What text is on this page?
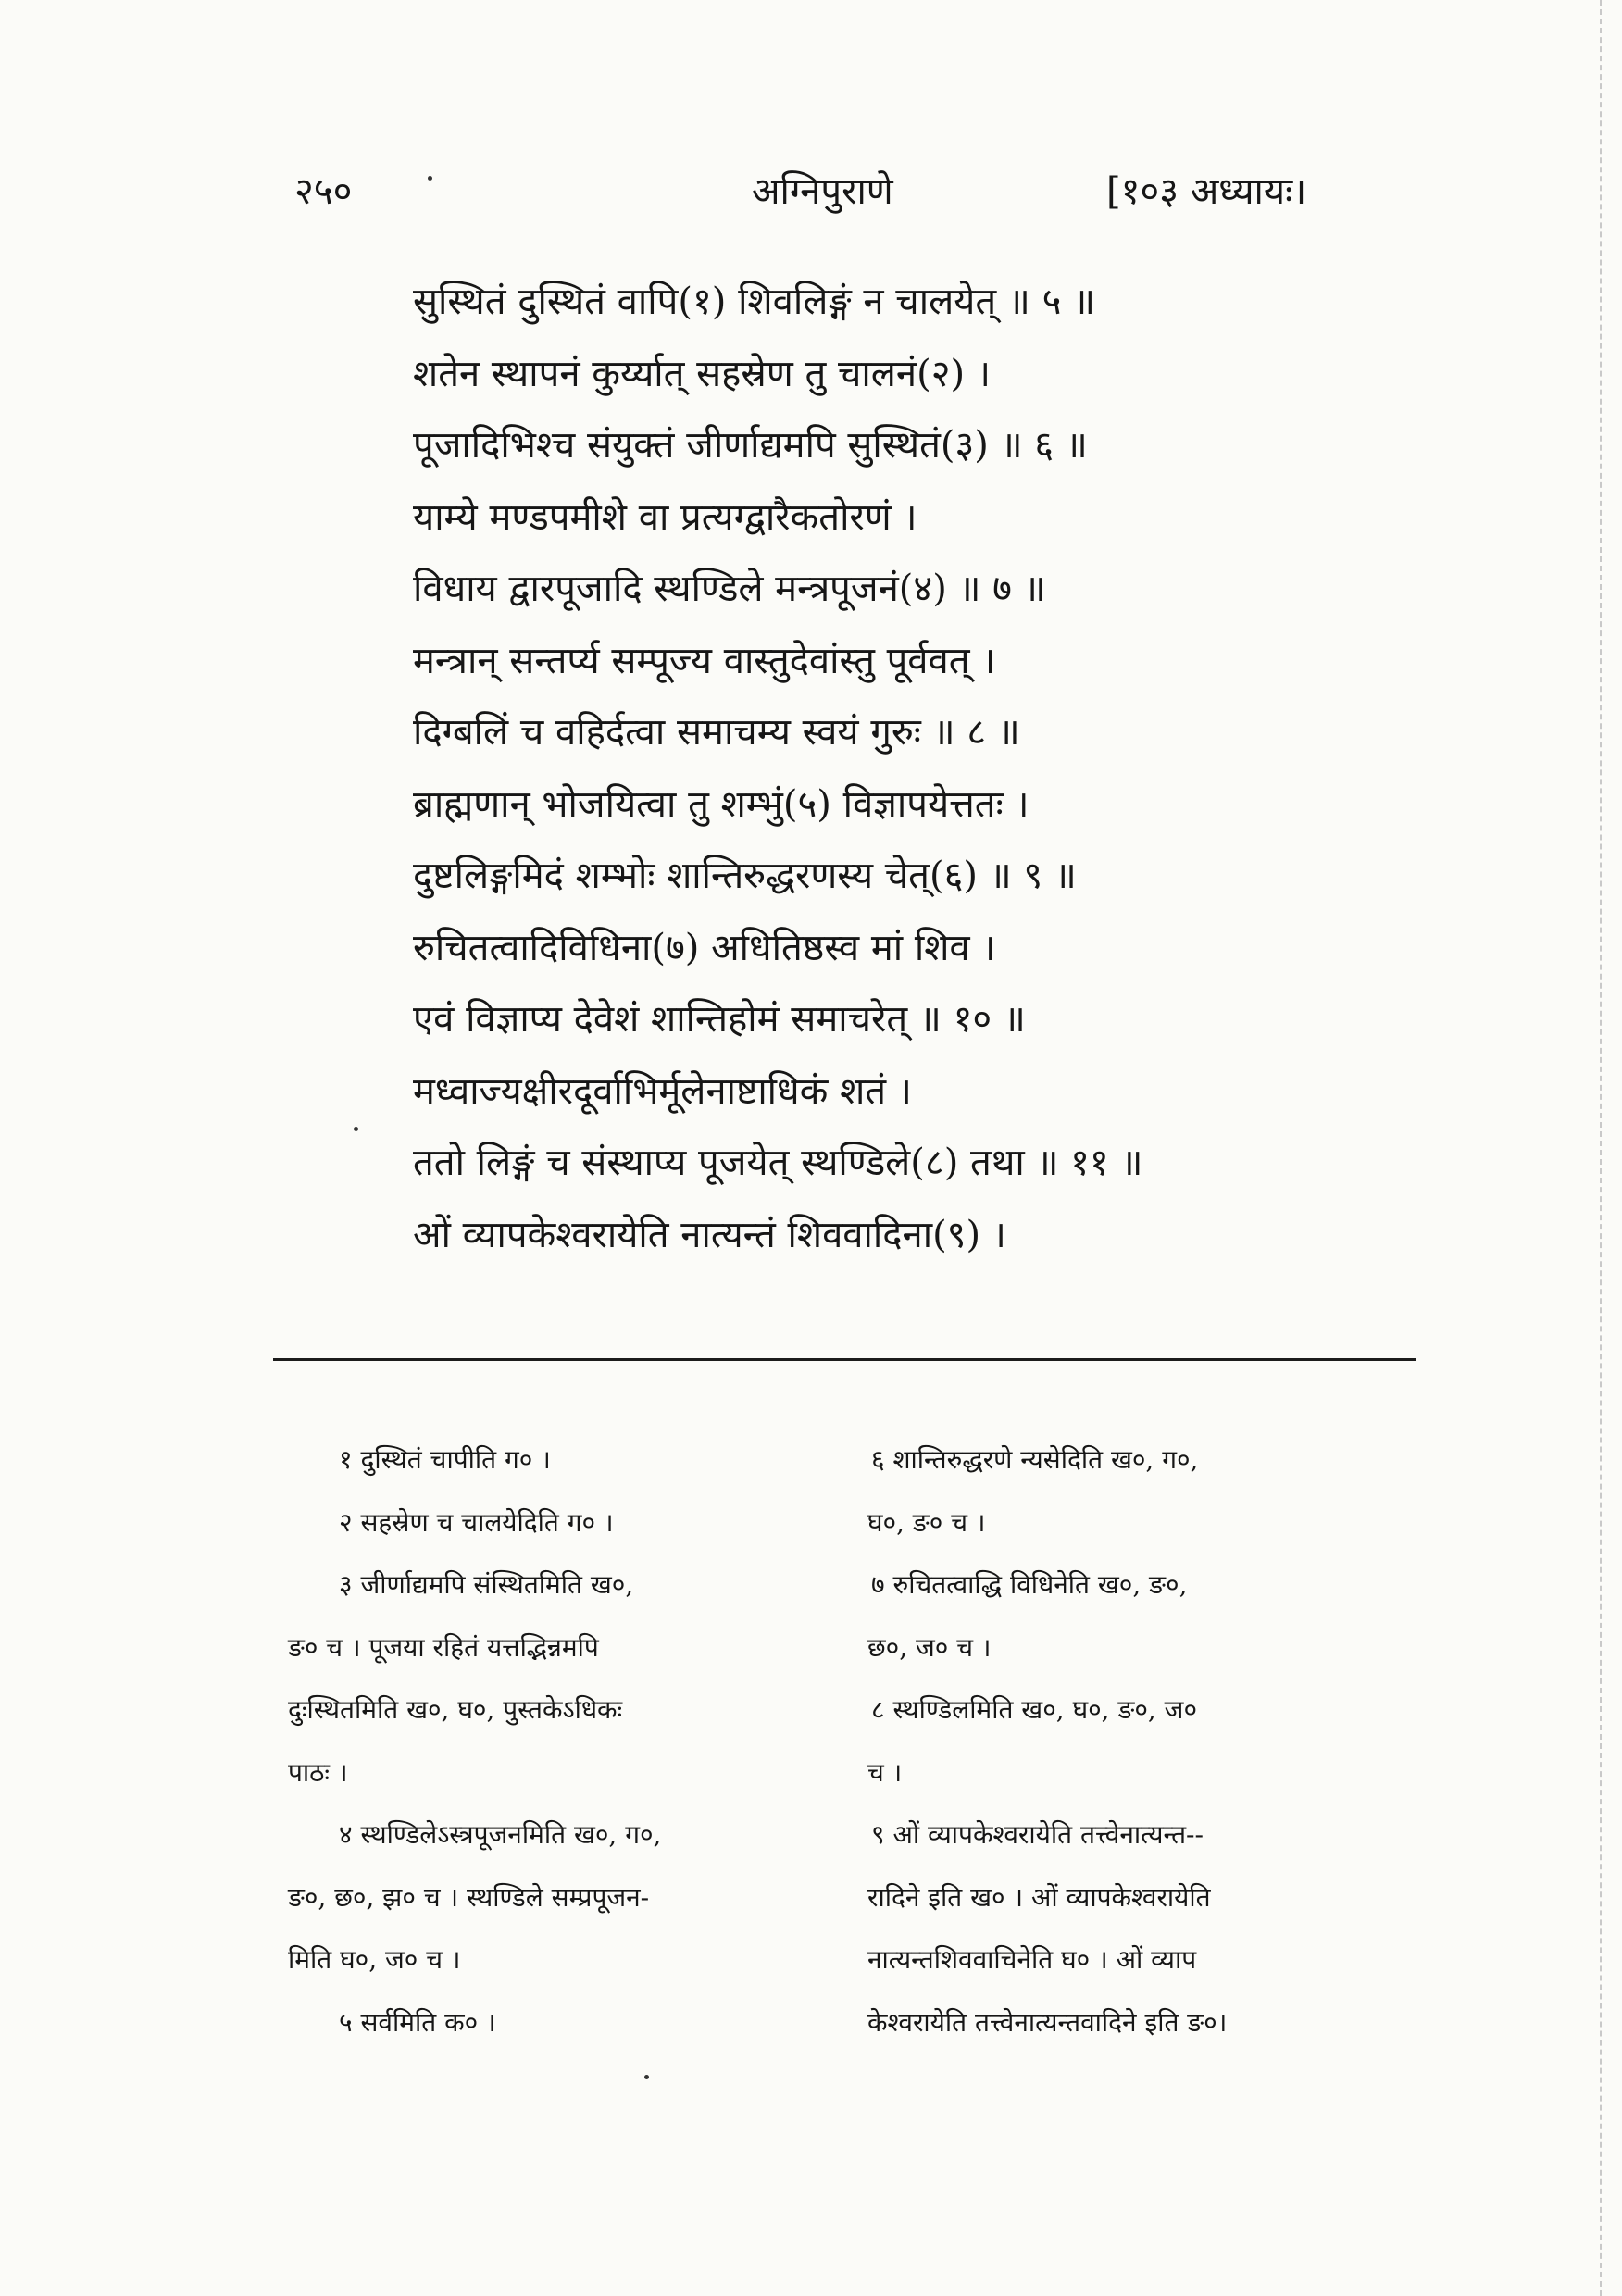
२५०	अग्निपुराणे	[१०३ अध्यायः।
सुस्थितं दुस्थितं वापि(१) शिवलिङ्गं न चालयेत् ॥ ५ ॥
शतेन स्थापनं कुर्य्यात् सहस्रेण तु चालनं(२) ।
पूजादिभिश्च संयुक्तं जीर्णाद्यमपि सुस्थितं(३) ॥ ६ ॥
याम्ये मण्डपमीशे वा प्रत्यग्द्वारैकतोरणं ।
विधाय द्वारपूजादि स्थण्डिले मन्त्रपूजनं(४) ॥ ७ ॥
मन्त्रान् सन्तर्प्य सम्पूज्य वास्तुदेवांस्तु पूर्ववत् ।
दिग्बलिं च वहिर्दत्वा समाचम्य स्वयं गुरुः ॥ ८ ॥
ब्राह्मणान् भोजयित्वा तु शम्भुं(५) विज्ञापयेत्ततः ।
दुष्टलिङ्गमिदं शम्भोः शान्तिरुद्धरणस्य चेत्(६) ॥ ९ ॥
रुचितत्वादिविधिना(७) अधितिष्ठस्व मां शिव ।
एवं विज्ञाप्य देवेशं शान्तिहोमं समाचरेत् ॥ १० ॥
मध्वाज्यक्षीरदूर्वाभिर्मूलेनाष्टाधिकं शतं ।
ततो लिङ्गं च संस्थाप्य पूजयेत् स्थण्डिले(८) तथा ॥ ११ ॥
ओं व्यापकेश्वरायेति नात्यन्तं शिववादिना(९) ।
१ दुस्थितं चापीति ग० ।
२ सहस्रेण च चालयेदिति ग० ।
३ जीर्णाद्यमपि संस्थितमिति ख०,
ङ० च । पूजया रहितं यत्तद्भिन्नमपि
दुःस्थितमिति ख०, घ०, पुस्तकेऽधिकः
पाठः ।
४ स्थण्डिलेऽस्त्रपूजनमिति ख०, ग०,
ङ०, छ०, झ० च । स्थण्डिले सम्प्रपूजन-
मिति घ०, ज० च ।
५ सर्वमिति क० ।
६ शान्तिरुद्धरणे न्यसेदिति ख०, ग०,
घ०, ङ० च ।
७ रुचितत्वाद्धि विधिनेति ख०, ङ०,
छ०, ज० च ।
८ स्थण्डिलमिति ख०, घ०, ङ०, ज०
च ।
९ ओं व्यापकेश्वरायेति तत्त्वेनात्यन्त--
रादिने इति ख० । ओं व्यापकेश्वरायेति
नात्यन्तशिववाचिनेति घ० । ओं व्याप
केश्वरायेति तत्त्वेनात्यन्तवादिने इति ङ०।
